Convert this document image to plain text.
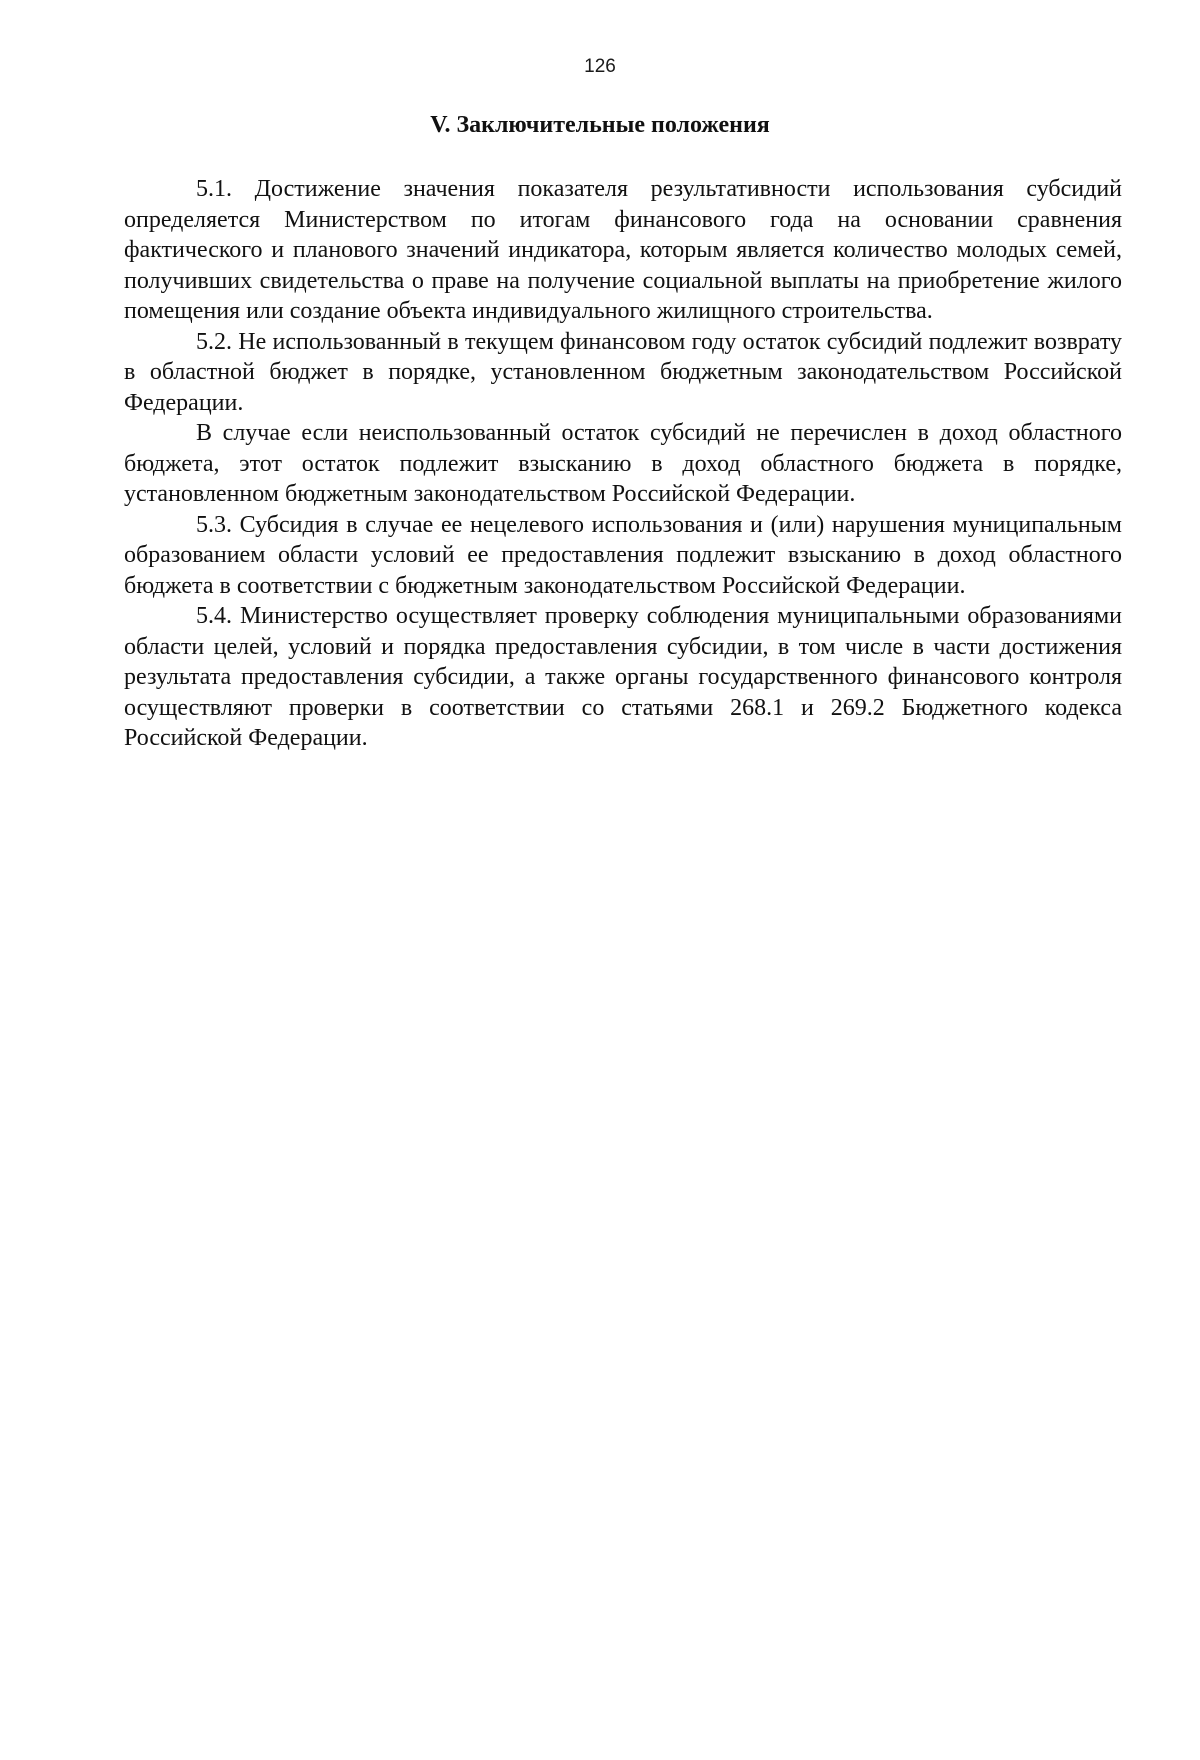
126
V. Заключительные положения

5.1. Достижение значения показателя результативности использования субсидий определяется Министерством по итогам финансового года на основании сравнения фактического и планового значений индикатора, которым является количество молодых семей, получивших свидетельства о праве на получение социальной выплаты на приобретение жилого помещения или создание объекта индивидуального жилищного строительства.

5.2. Не использованный в текущем финансовом году остаток субсидий подлежит возврату в областной бюджет в порядке, установленном бюджетным законодательством Российской Федерации.

В случае если неиспользованный остаток субсидий не перечислен в доход областного бюджета, этот остаток подлежит взысканию в доход областного бюджета в порядке, установленном бюджетным законодательством Российской Федерации.

5.3. Субсидия в случае ее нецелевого использования и (или) нарушения муниципальным образованием области условий ее предоставления подлежит взысканию в доход областного бюджета в соответствии с бюджетным законодательством Российской Федерации.

5.4. Министерство осуществляет проверку соблюдения муниципальными образованиями области целей, условий и порядка предоставления субсидии, в том числе в части достижения результата предоставления субсидии, а также органы государственного финансового контроля осуществляют проверки в соответствии со статьями 268.1 и 269.2 Бюджетного кодекса Российской Федерации.
